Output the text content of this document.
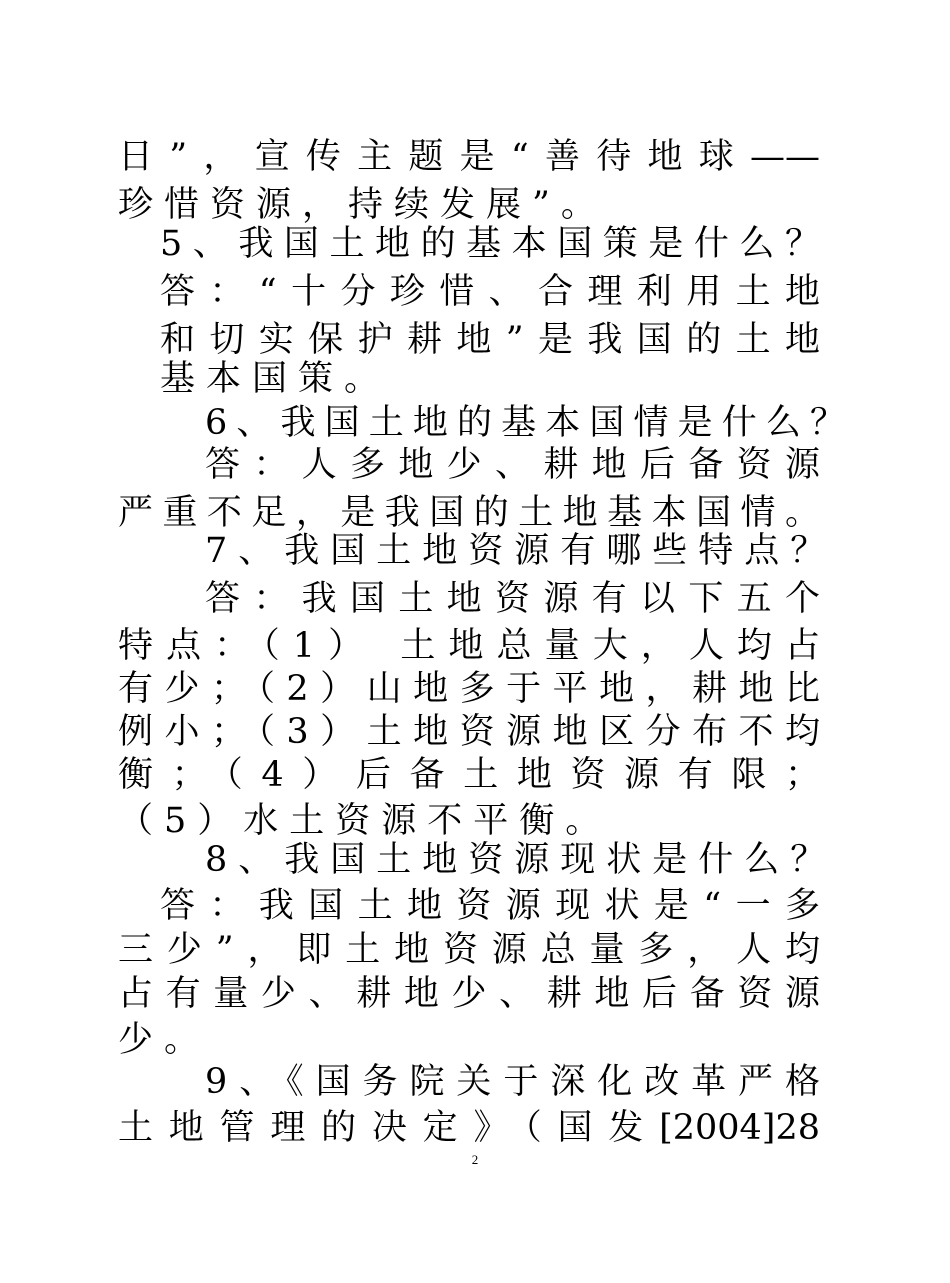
日”，宣传主题是“善待地球——
珍惜资源，持续发展”。
5、我国土地的基本国策是什么？
答：“十分珍惜、合理利用土地
和切实保护耕地”是我国的土地
基本国策。
6、我国土地的基本国情是什么？
答：人多地少、耕地后备资源
严重不足，是我国的土地基本国情。
7、我国土地资源有哪些特点？
答：我国土地资源有以下五个
特点：（1） 土地总量大，人均占
有少；（2）山地多于平地，耕地比
例小；（3）土地资源地区分布不均
衡；（4）后备土地资源有限；
（5）水土资源不平衡。
8、我国土地资源现状是什么？
答：我国土地资源现状是“一多
三少”，即土地资源总量多，人均
占有量少、耕地少、耕地后备资源
少。
9、《国务院关于深化改革严格
土地管理的决定》（国发[2004]28
2
